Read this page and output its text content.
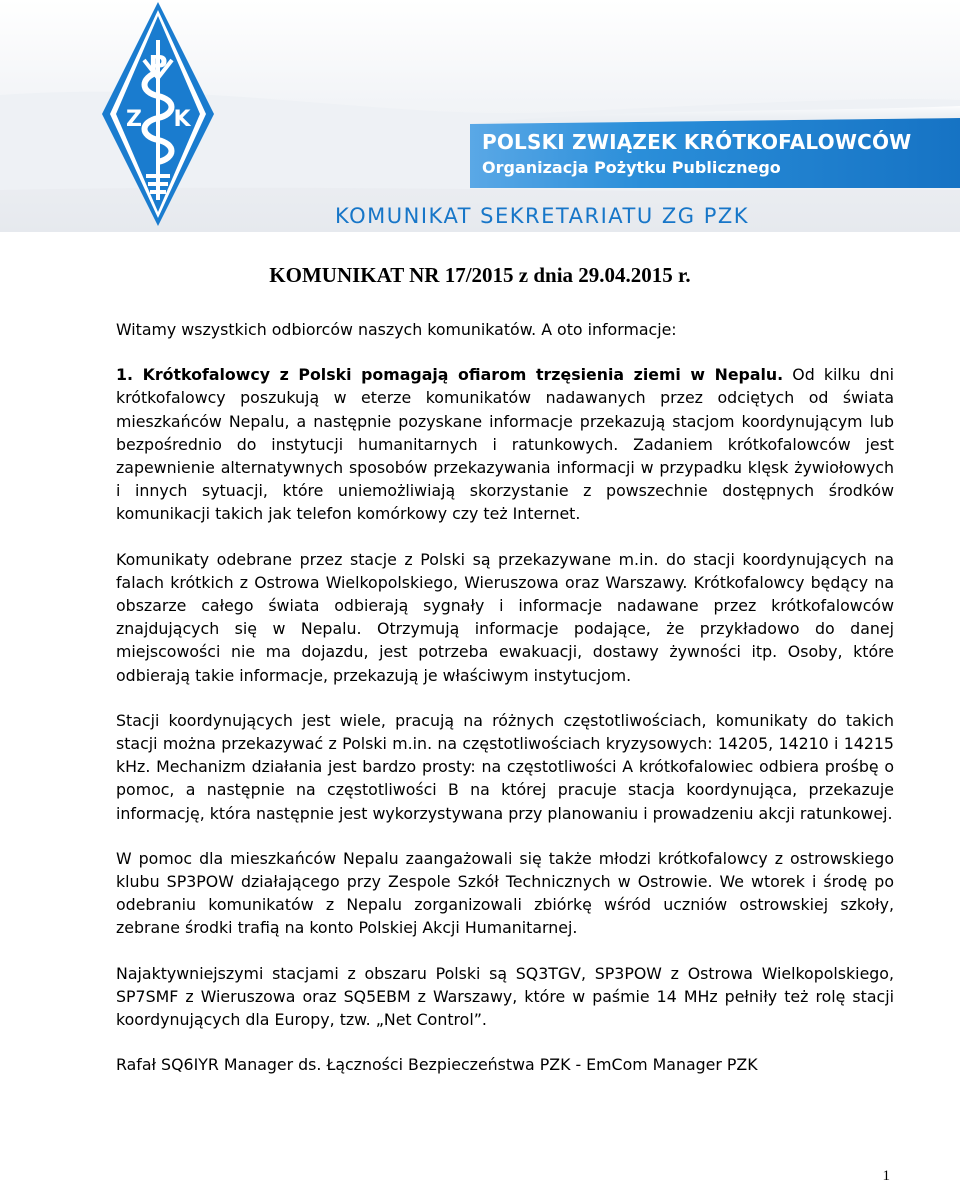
P
Z K
POLSKI ZWIĄZEK KRÓTKOFALOWCÓW
Organizacja Pożytku Publicznego
KOMUNIKAT SEKRETARIATU ZG PZK
KOMUNIKAT NR 17/2015 z dnia 29.04.2015 r.

Witamy wszystkich odbiorców naszych komunikatów. A oto informacje:

1. Krótkofalowcy z Polski pomagają ofiarom trzęsienia ziemi w Nepalu. Od kilku dni krótkofalowcy poszukują w eterze komunikatów nadawanych przez odciętych od świata mieszkańców Nepalu, a następnie pozyskane informacje przekazują stacjom koordynującym lub bezpośrednio do instytucji humanitarnych i ratunkowych. Zadaniem krótkofalowców jest zapewnienie alternatywnych sposobów przekazywania informacji w przypadku klęsk żywiołowych i innych sytuacji, które uniemożliwiają skorzystanie z powszechnie dostępnych środków komunikacji takich jak telefon komórkowy czy też Internet.

Komunikaty odebrane przez stacje z Polski są przekazywane m.in. do stacji koordynujących na falach krótkich z Ostrowa Wielkopolskiego, Wieruszowa oraz Warszawy. Krótkofalowcy będący na obszarze całego świata odbierają sygnały i informacje nadawane przez krótkofalowców znajdujących się w Nepalu. Otrzymują informacje podające, że przykładowo do danej miejscowości nie ma dojazdu, jest potrzeba ewakuacji, dostawy żywności itp. Osoby, które odbierają takie informacje, przekazują je właściwym instytucjom.

Stacji koordynujących jest wiele, pracują na różnych częstotliwościach, komunikaty do takich stacji można przekazywać z Polski m.in. na częstotliwościach kryzysowych: 14205, 14210 i 14215 kHz. Mechanizm działania jest bardzo prosty: na częstotliwości A krótkofalowiec odbiera prośbę o pomoc, a następnie na częstotliwości B na której pracuje stacja koordynująca, przekazuje informację, która następnie jest wykorzystywana przy planowaniu i prowadzeniu akcji ratunkowej.

W pomoc dla mieszkańców Nepalu zaangażowali się także młodzi krótkofalowcy z ostrowskiego klubu SP3POW działającego przy Zespole Szkół Technicznych w Ostrowie. We wtorek i środę po odebraniu komunikatów z Nepalu zorganizowali zbiórkę wśród uczniów ostrowskiej szkoły, zebrane środki trafią na konto Polskiej Akcji Humanitarnej.

Najaktywniejszymi stacjami z obszaru Polski są SQ3TGV, SP3POW z Ostrowa Wielkopolskiego, SP7SMF z Wieruszowa oraz SQ5EBM z Warszawy, które w paśmie 14 MHz pełniły też rolę stacji koordynujących dla Europy, tzw. „Net Control”.

Rafał SQ6IYR Manager ds. Łączności Bezpieczeństwa PZK - EmCom Manager PZK

1
